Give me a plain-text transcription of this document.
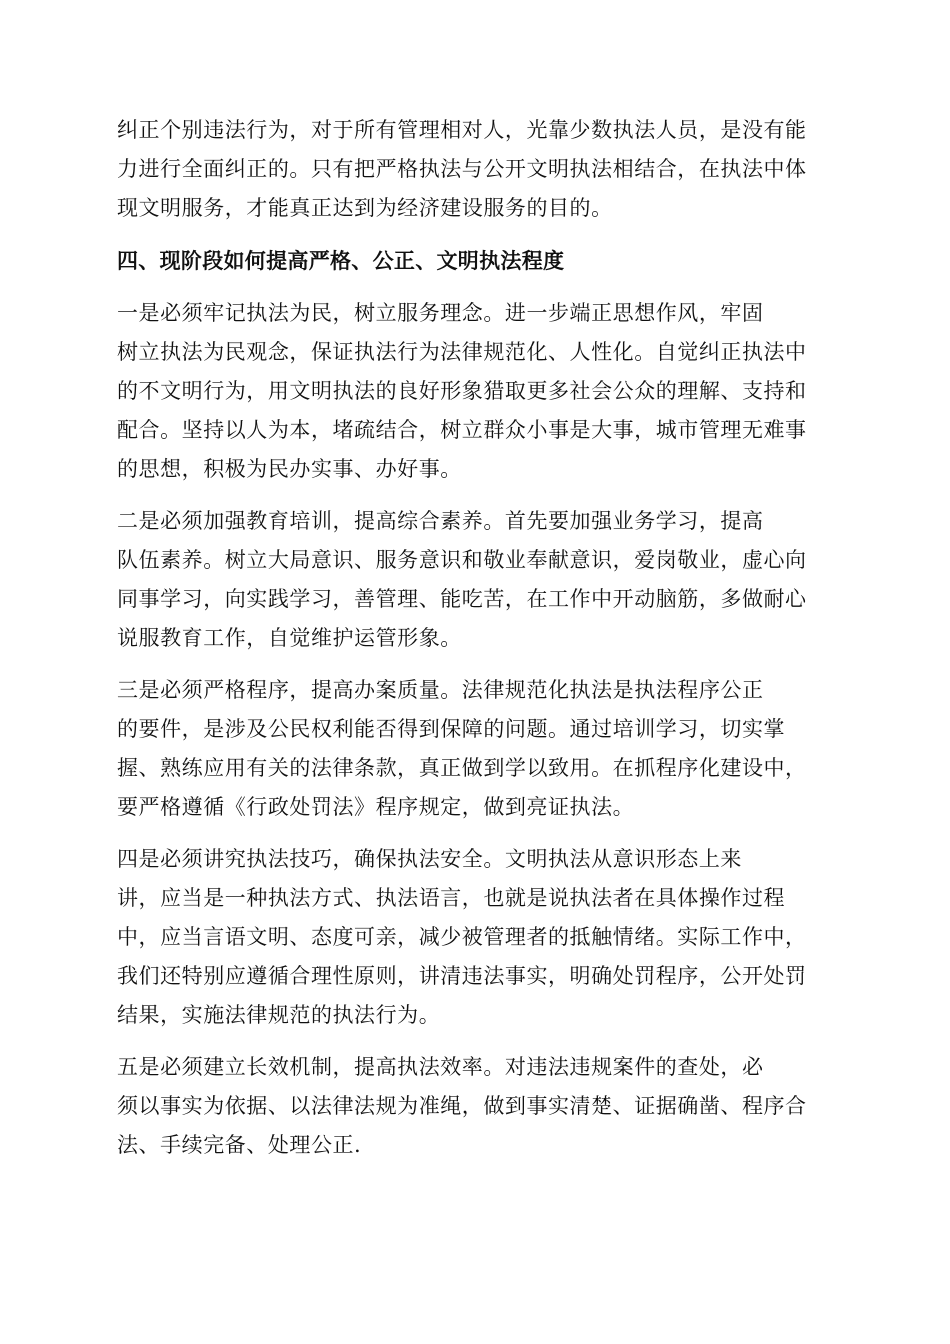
纠正个别违法行为，对于所有管理相对人，光靠少数执法人员，是没有能
力进行全面纠正的。只有把严格执法与公开文明执法相结合，在执法中体
现文明服务，才能真正达到为经济建设服务的目的。
四、现阶段如何提高严格、公正、文明执法程度
一是必须牢记执法为民，树立服务理念。进一步端正思想作风，牢固
树立执法为民观念，保证执法行为法律规范化、人性化。自觉纠正执法中
的不文明行为，用文明执法的良好形象猎取更多社会公众的理解、支持和
配合。坚持以人为本，堵疏结合，树立群众小事是大事，城市管理无难事
的思想，积极为民办实事、办好事。
二是必须加强教育培训，提高综合素养。首先要加强业务学习，提高
队伍素养。树立大局意识、服务意识和敬业奉献意识，爱岗敬业，虚心向
同事学习，向实践学习，善管理、能吃苦，在工作中开动脑筋，多做耐心
说服教育工作，自觉维护运管形象。
三是必须严格程序，提高办案质量。法律规范化执法是执法程序公正
的要件，是涉及公民权利能否得到保障的问题。通过培训学习，切实掌
握、熟练应用有关的法律条款，真正做到学以致用。在抓程序化建设中，
要严格遵循《行政处罚法》程序规定，做到亮证执法。
四是必须讲究执法技巧，确保执法安全。文明执法从意识形态上来
讲，应当是一种执法方式、执法语言，也就是说执法者在具体操作过程
中，应当言语文明、态度可亲，减少被管理者的抵触情绪。实际工作中，
我们还特别应遵循合理性原则，讲清违法事实，明确处罚程序，公开处罚
结果，实施法律规范的执法行为。
五是必须建立长效机制，提高执法效率。对违法违规案件的查处，必
须以事实为依据、以法律法规为准绳，做到事实清楚、证据确凿、程序合
法、手续完备、处理公正.
